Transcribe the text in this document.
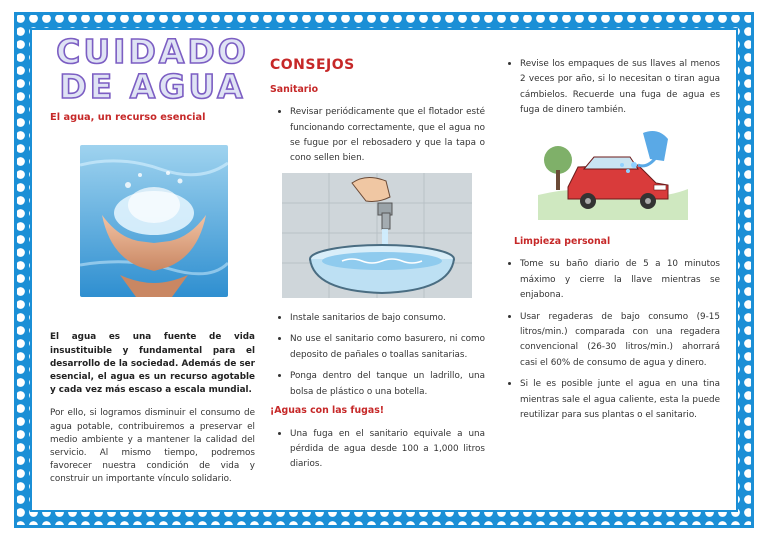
CUIDADO
DE AGUA
El agua, un recurso esencial
El agua es una fuente de vida insustituible y fundamental para el desarrollo de la sociedad. Además de ser esencial, el agua es un recurso agotable y cada vez más escaso a escala mundial.
Por ello, si logramos disminuir el consumo de agua potable, contribuiremos a preservar el medio ambiente y a mantener la calidad del servicio. Al mismo tiempo, podremos favorecer nuestra condición de vida y construir un importante vínculo solidario.
CONSEJOS
Sanitario
• Revisar periódicamente que el flotador esté funcionando correctamente, que el agua no se fugue por el rebosadero y que la tapa o cono sellen bien.
• Instale sanitarios de bajo consumo.
• No use el sanitario como basurero, ni como deposito de pañales o toallas sanitarias.
• Ponga dentro del tanque un ladrillo, una bolsa de plástico o una botella.
¡Aguas con las fugas!
• Una fuga en el sanitario equivale a una pérdida de agua desde 100 a 1,000 litros diarios.
• Revise los empaques de sus llaves al menos 2 veces por año, si lo necesitan o tiran agua cámbielos. Recuerde una fuga de agua es fuga de dinero también.
Limpieza personal
• Tome su baño diario de 5 a 10 minutos máximo y cierre la llave mientras se enjabona.
• Usar regaderas de bajo consumo (9-15 litros/min.) comparada con una regadera convencional (26-30 litros/min.) ahorrará casi el 60% de consumo de agua y dinero.
• Si le es posible junte el agua en una tina mientras sale el agua caliente, esta la puede reutilizar para sus plantas o el sanitario.
